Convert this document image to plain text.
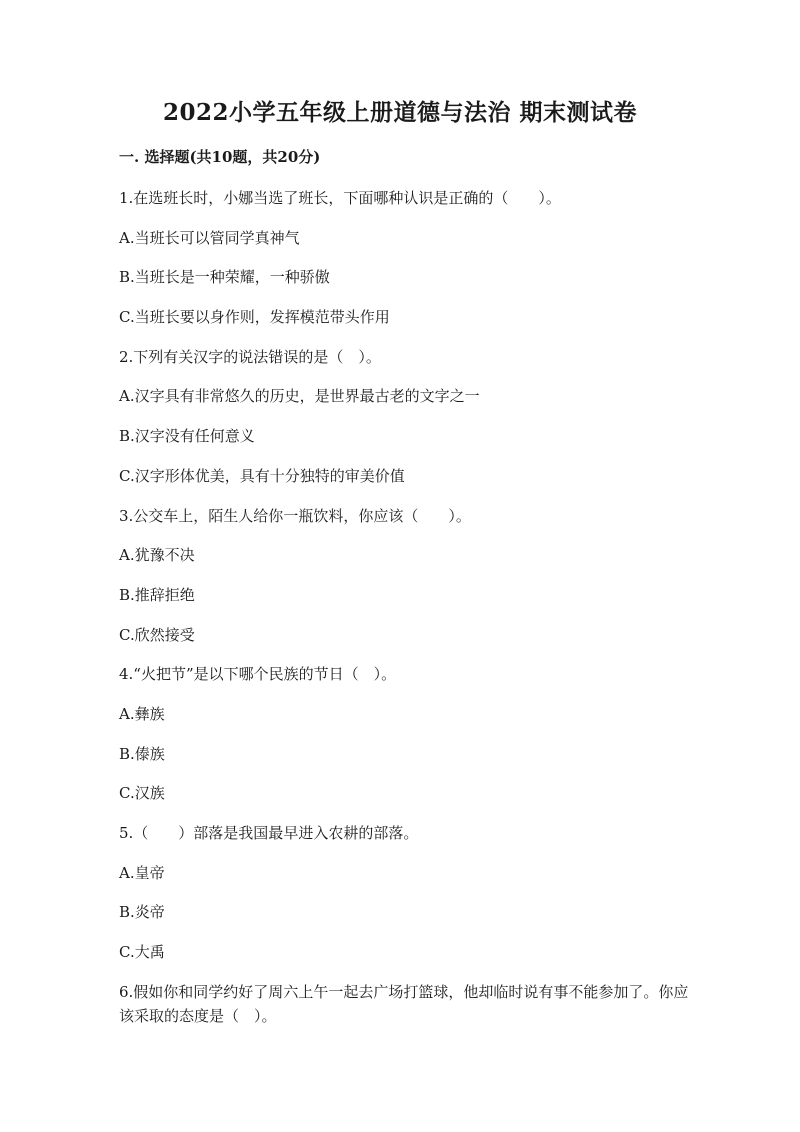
2022小学五年级上册道德与法治 期末测试卷
一. 选择题(共10题，共20分)
1.在选班长时，小娜当选了班长，下面哪种认识是正确的（　　）。
A.当班长可以管同学真神气
B.当班长是一种荣耀，一种骄傲
C.当班长要以身作则，发挥模范带头作用
2.下列有关汉字的说法错误的是（　）。
A.汉字具有非常悠久的历史，是世界最古老的文字之一
B.汉字没有任何意义
C.汉字形体优美，具有十分独特的审美价值
3.公交车上，陌生人给你一瓶饮料，你应该（　　）。
A.犹豫不决
B.推辞拒绝
C.欣然接受
4.“火把节”是以下哪个民族的节日（　）。
A.彝族
B.傣族
C.汉族
5.（　　）部落是我国最早进入农耕的部落。
A.皇帝
B.炎帝
C.大禹

6.假如你和同学约好了周六上午一起去广场打篮球，他却临时说有事不能参加了。你应该采取的态度是（　）。
